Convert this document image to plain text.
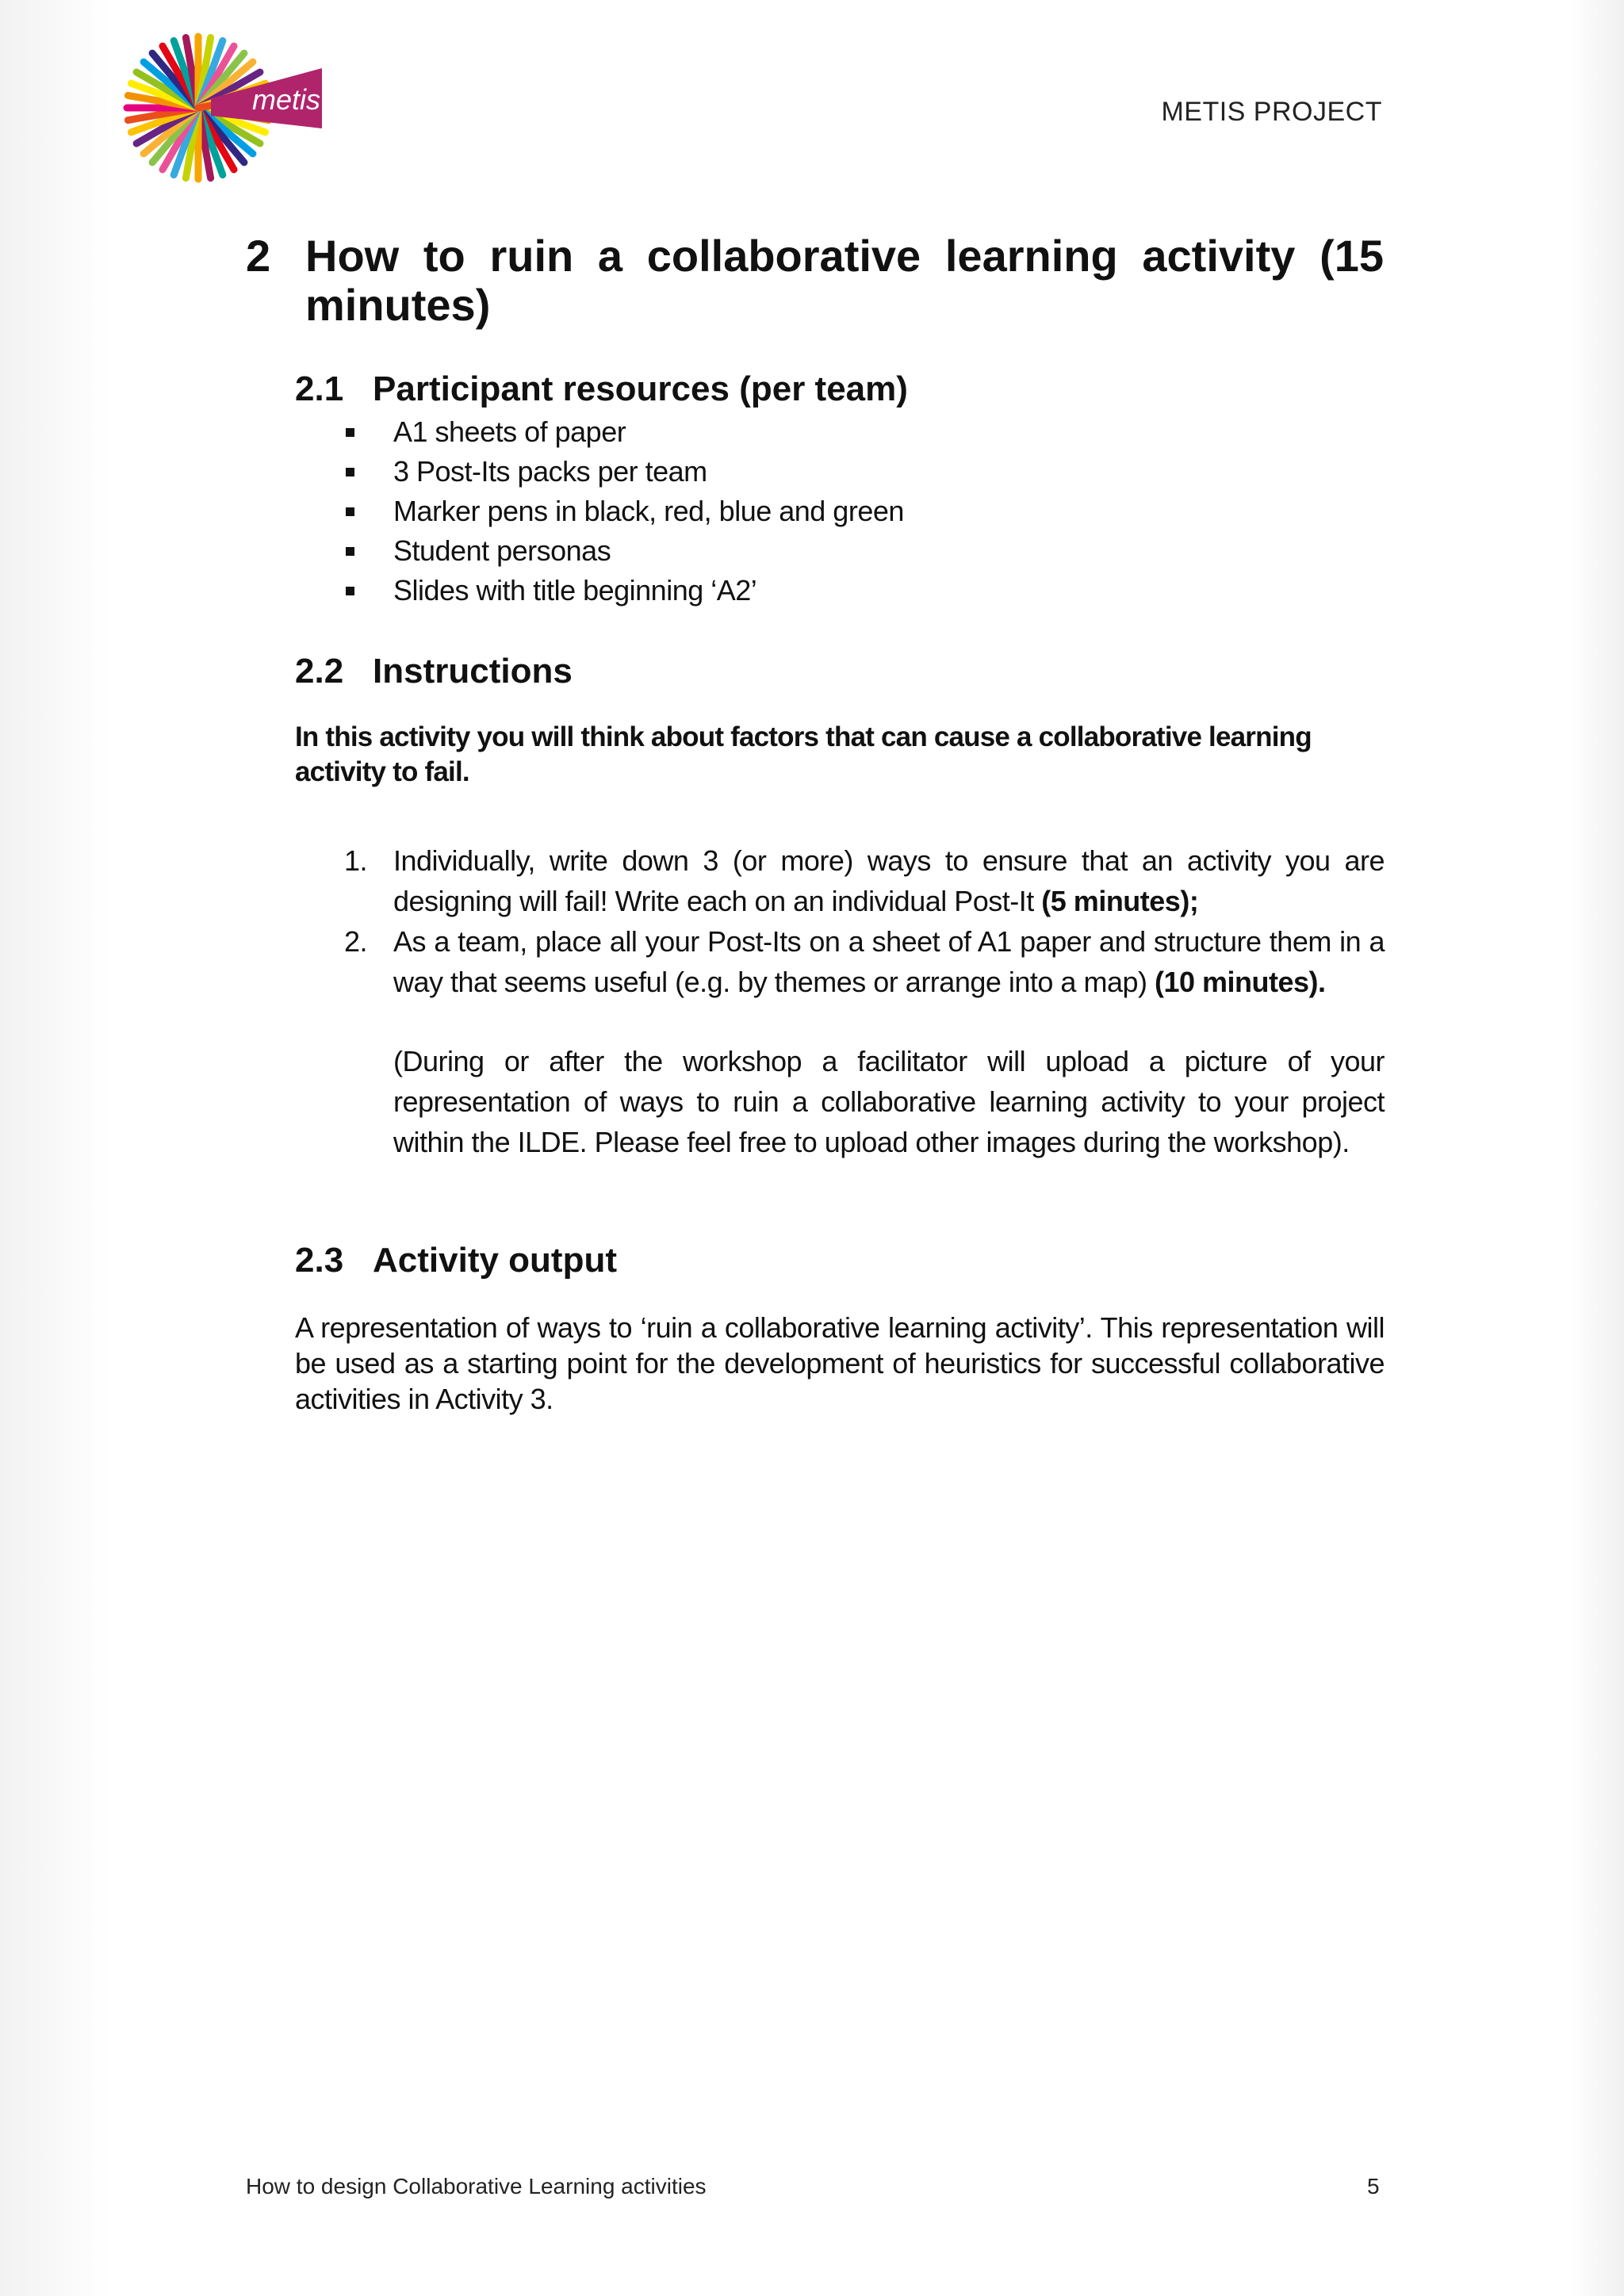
metis	METIS PROJECT
2 How to ruin a collaborative learning activity (15 minutes)
2.1 Participant resources (per team)
A1 sheets of paper
3 Post-Its packs per team
Marker pens in black, red, blue and green
Student personas
Slides with title beginning ‘A2’
2.2 Instructions
In this activity you will think about factors that can cause a collaborative learning activity to fail.
1. Individually, write down 3 (or more) ways to ensure that an activity you are designing will fail! Write each on an individual Post-It (5 minutes);
2. As a team, place all your Post-Its on a sheet of A1 paper and structure them in a way that seems useful (e.g. by themes or arrange into a map) (10 minutes).
(During or after the workshop a facilitator will upload a picture of your representation of ways to ruin a collaborative learning activity to your project within the ILDE. Please feel free to upload other images during the workshop).
2.3 Activity output
A representation of ways to ‘ruin a collaborative learning activity’. This representation will be used as a starting point for the development of heuristics for successful collaborative activities in Activity 3.
How to design Collaborative Learning activities	5
